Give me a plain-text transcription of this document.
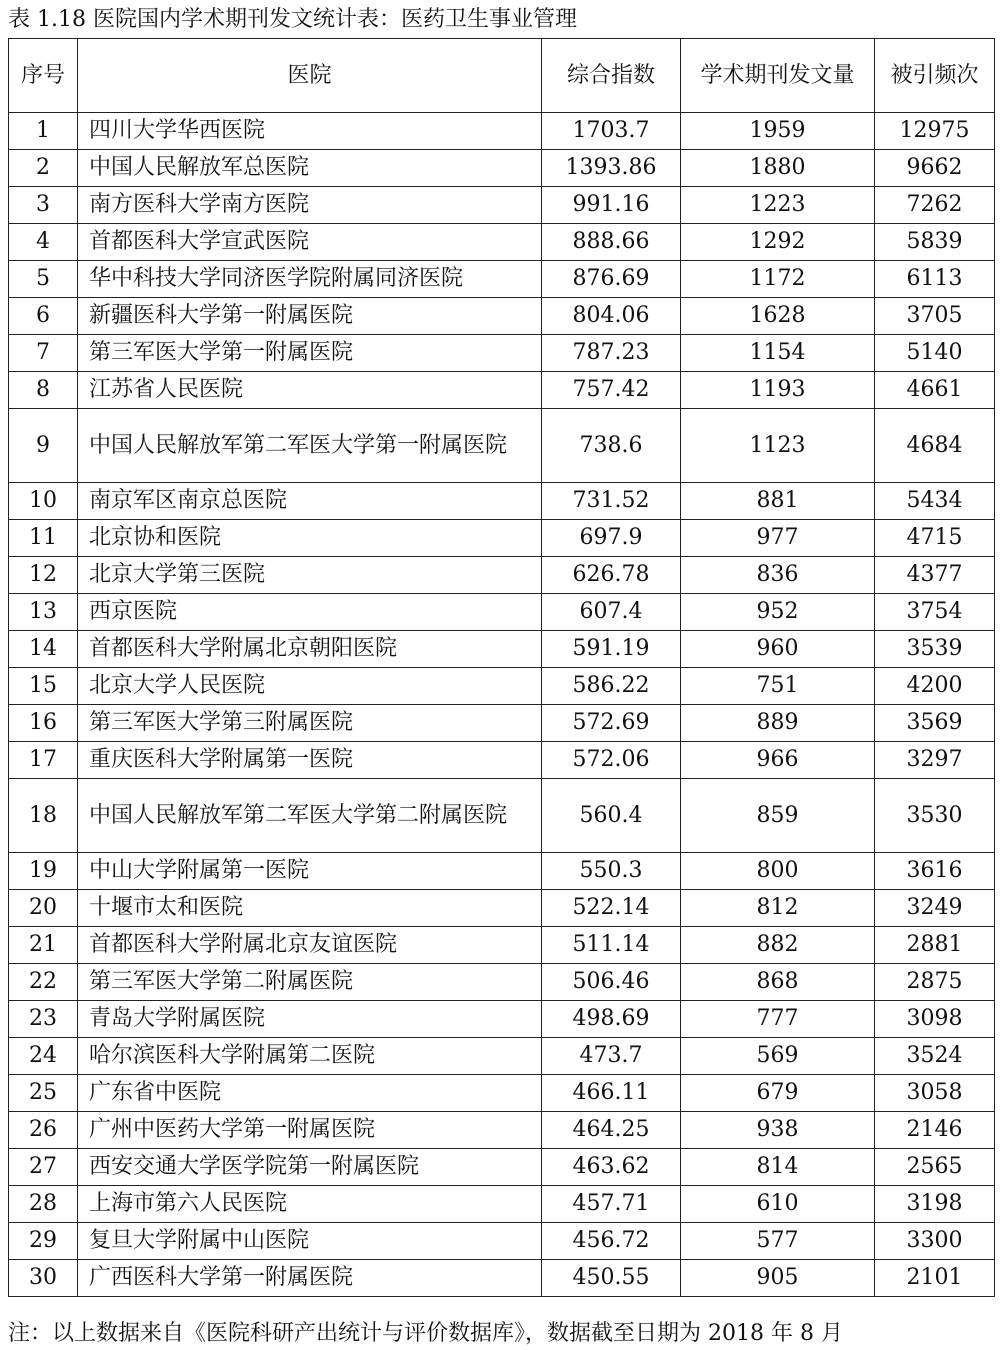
表 1.18 医院国内学术期刊发文统计表：医药卫生事业管理
序号	医院	综合指数	学术期刊发文量	被引频次
1	四川大学华西医院	1703.7	1959	12975
2	中国人民解放军总医院	1393.86	1880	9662
3	南方医科大学南方医院	991.16	1223	7262
4	首都医科大学宣武医院	888.66	1292	5839
5	华中科技大学同济医学院附属同济医院	876.69	1172	6113
6	新疆医科大学第一附属医院	804.06	1628	3705
7	第三军医大学第一附属医院	787.23	1154	5140
8	江苏省人民医院	757.42	1193	4661
9	中国人民解放军第二军医大学第一附属医院	738.6	1123	4684
10	南京军区南京总医院	731.52	881	5434
11	北京协和医院	697.9	977	4715
12	北京大学第三医院	626.78	836	4377
13	西京医院	607.4	952	3754
14	首都医科大学附属北京朝阳医院	591.19	960	3539
15	北京大学人民医院	586.22	751	4200
16	第三军医大学第三附属医院	572.69	889	3569
17	重庆医科大学附属第一医院	572.06	966	3297
18	中国人民解放军第二军医大学第二附属医院	560.4	859	3530
19	中山大学附属第一医院	550.3	800	3616
20	十堰市太和医院	522.14	812	3249
21	首都医科大学附属北京友谊医院	511.14	882	2881
22	第三军医大学第二附属医院	506.46	868	2875
23	青岛大学附属医院	498.69	777	3098
24	哈尔滨医科大学附属第二医院	473.7	569	3524
25	广东省中医院	466.11	679	3058
26	广州中医药大学第一附属医院	464.25	938	2146
27	西安交通大学医学院第一附属医院	463.62	814	2565
28	上海市第六人民医院	457.71	610	3198
29	复旦大学附属中山医院	456.72	577	3300
30	广西医科大学第一附属医院	450.55	905	2101
注：以上数据来自《医院科研产出统计与评价数据库》，数据截至日期为 2018 年 8 月
